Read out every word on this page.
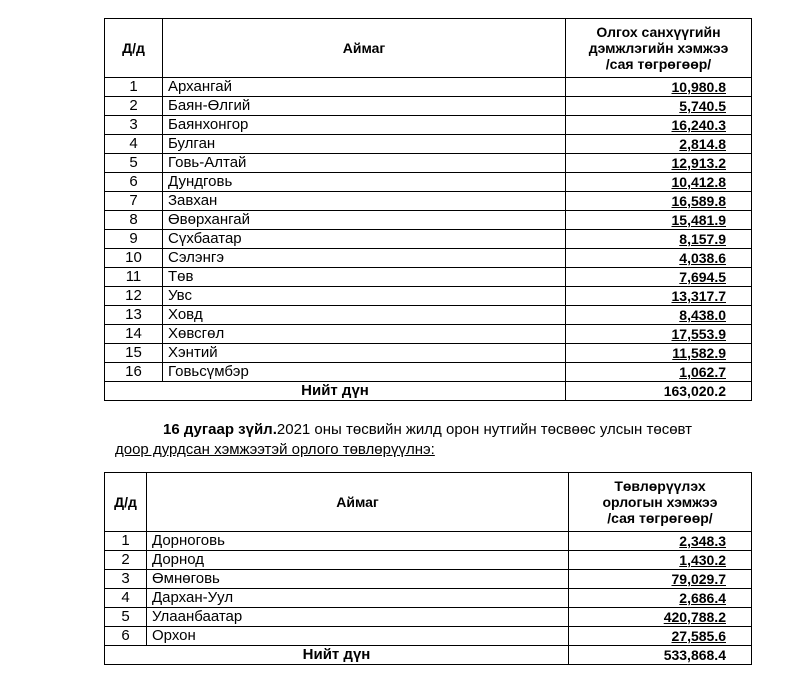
Д/д	Аймаг	Олгох санхүүгийн
дэмжлэгийн хэмжээ
/сая төгрөгөөр/

1	Архангай	10,980.8
2	Баян-Өлгий	5,740.5
3	Баянхонгор	16,240.3
4	Булган	2,814.8
5	Говь-Алтай	12,913.2
6	Дундговь	10,412.8
7	Завхан	16,589.8
8	Өвөрхангай	15,481.9
9	Сүхбаатар	8,157.9
10	Сэлэнгэ	4,038.6
11	Төв	7,694.5
12	Увс	13,317.7
13	Ховд	8,438.0
14	Хөвсгөл	17,553.9
15	Хэнтий	11,582.9
16	Говьсүмбэр	1,062.7
Нийт дүн		163,020.2
16 дугаар зүйл.2021 оны төсвийн жилд орон нутгийн төсвөөс улсын төсөвт
доор дурдсан хэмжээтэй орлого төвлөрүүлнэ:
Д/д	Аймаг	Төвлөрүүлэх
орлогын хэмжээ
/сая төгрөгөөр/

1	Дорноговь	2,348.3
2	Дорнод	1,430.2
3	Өмнөговь	79,029.7
4	Дархан-Уул	2,686.4
5	Улаанбаатар	420,788.2
6	Орхон	27,585.6
Нийт дүн		533,868.4
